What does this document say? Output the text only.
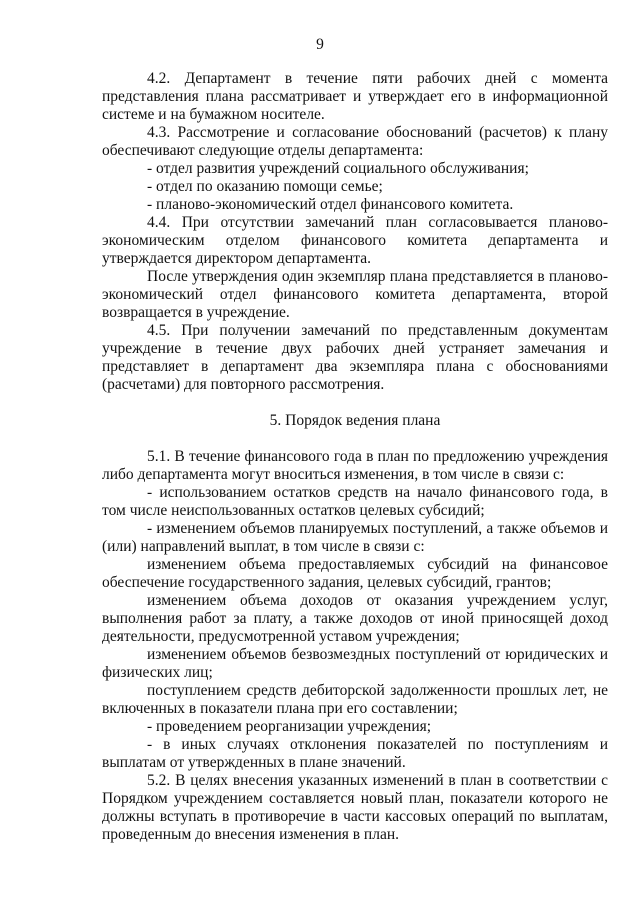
9

4.2. Департамент в течение пяти рабочих дней с момента представления плана рассматривает и утверждает его в информационной системе и на бумажном носителе.

4.3. Рассмотрение и согласование обоснований (расчетов) к плану обеспечивают следующие отделы департамента:

- отдел развития учреждений социального обслуживания;

- отдел по оказанию помощи семье;

- планово-экономический отдел финансового комитета.

4.4. При отсутствии замечаний план согласовывается планово-экономическим отделом финансового комитета департамента и утверждается директором департамента.

После утверждения один экземпляр плана представляется в планово-экономический отдел финансового комитета департамента, второй возвращается в учреждение.

4.5. При получении замечаний по представленным документам учреждение в течение двух рабочих дней устраняет замечания и представляет в департамент два экземпляра плана с обоснованиями (расчетами) для повторного рассмотрения.

5. Порядок ведения плана

5.1. В течение финансового года в план по предложению учреждения либо департамента могут вноситься изменения, в том числе в связи с:

- использованием остатков средств на начало финансового года, в том числе неиспользованных остатков целевых субсидий;

- изменением объемов планируемых поступлений, а также объемов и (или) направлений выплат, в том числе в связи с:

изменением объема предоставляемых субсидий на финансовое обеспечение государственного задания, целевых субсидий, грантов;

изменением объема доходов от оказания учреждением услуг, выполнения работ за плату, а также доходов от иной приносящей доход деятельности, предусмотренной уставом учреждения;

изменением объемов безвозмездных поступлений от юридических и физических лиц;

поступлением средств дебиторской задолженности прошлых лет, не включенных в показатели плана при его составлении;

- проведением реорганизации учреждения;

- в иных случаях отклонения показателей по поступлениям и выплатам от утвержденных в плане значений.

5.2. В целях внесения указанных изменений в план в соответствии с Порядком учреждением составляется новый план, показатели которого не должны вступать в противоречие в части кассовых операций по выплатам, проведенным до внесения изменения в план.
